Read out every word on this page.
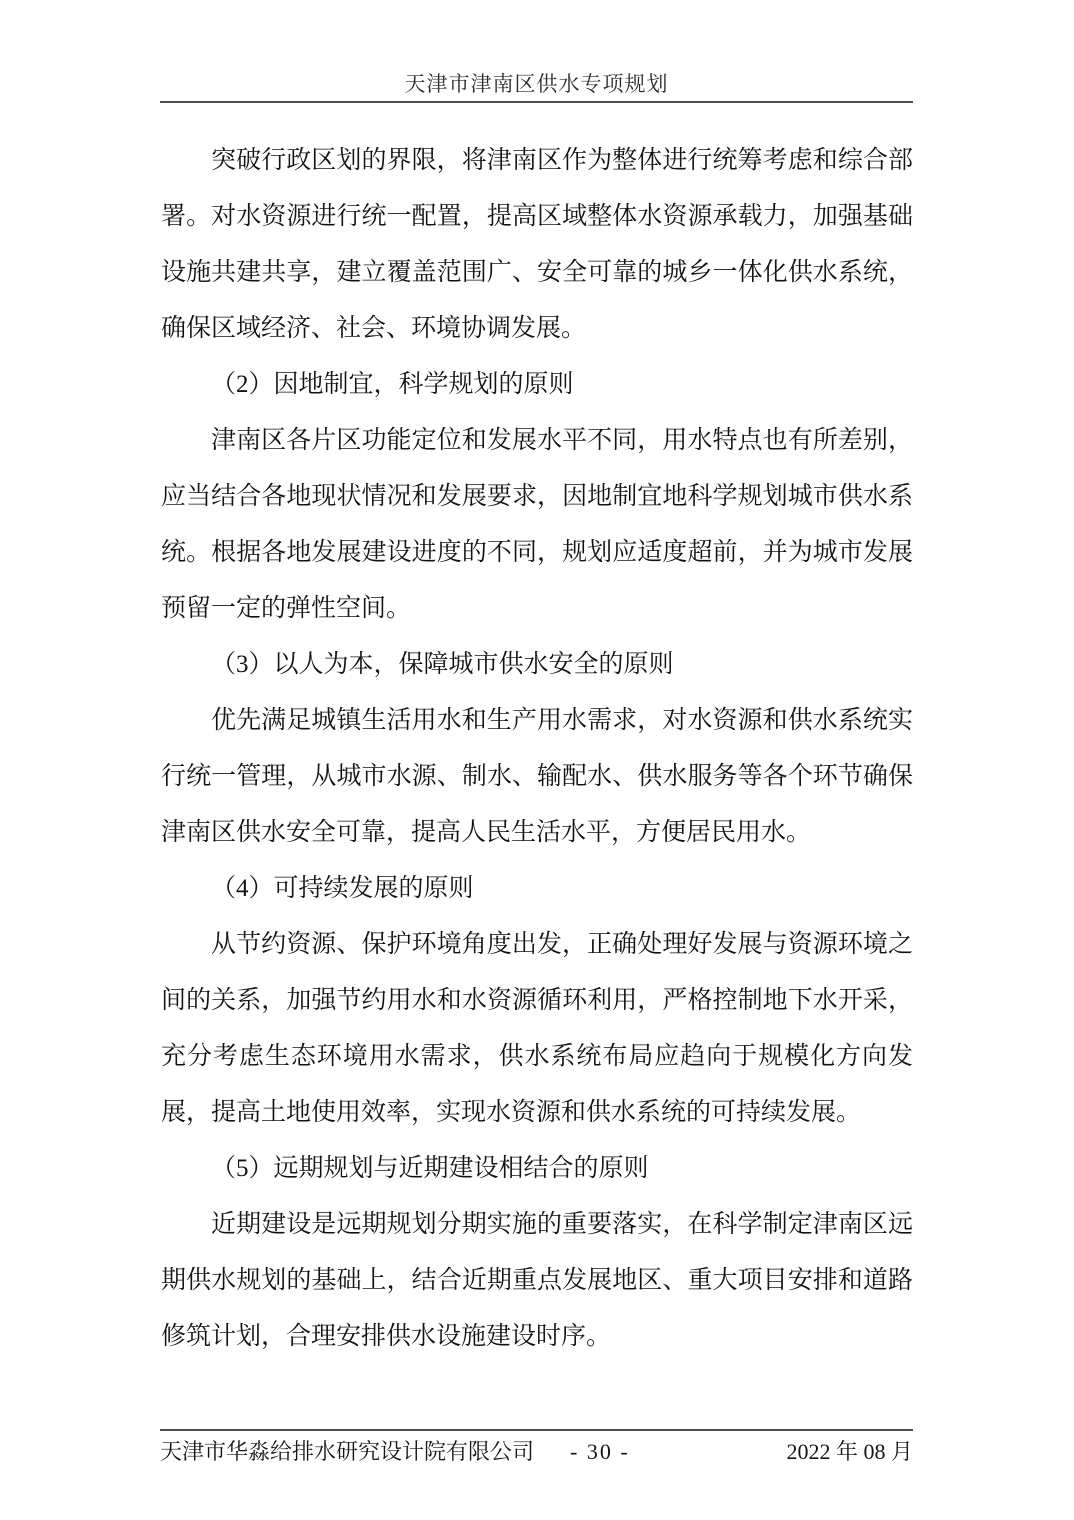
天津市津南区供水专项规划

突破行政区划的界限，将津南区作为整体进行统筹考虑和综合部署。对水资源进行统一配置，提高区域整体水资源承载力，加强基础设施共建共享，建立覆盖范围广、安全可靠的城乡一体化供水系统，确保区域经济、社会、环境协调发展。

（2）因地制宜，科学规划的原则

津南区各片区功能定位和发展水平不同，用水特点也有所差别，应当结合各地现状情况和发展要求，因地制宜地科学规划城市供水系统。根据各地发展建设进度的不同，规划应适度超前，并为城市发展预留一定的弹性空间。

（3）以人为本，保障城市供水安全的原则

优先满足城镇生活用水和生产用水需求，对水资源和供水系统实行统一管理，从城市水源、制水、输配水、供水服务等各个环节确保津南区供水安全可靠，提高人民生活水平，方便居民用水。

（4）可持续发展的原则

从节约资源、保护环境角度出发，正确处理好发展与资源环境之间的关系，加强节约用水和水资源循环利用，严格控制地下水开采，充分考虑生态环境用水需求，供水系统布局应趋向于规模化方向发展，提高土地使用效率，实现水资源和供水系统的可持续发展。

（5）远期规划与近期建设相结合的原则

近期建设是远期规划分期实施的重要落实，在科学制定津南区远期供水规划的基础上，结合近期重点发展地区、重大项目安排和道路修筑计划，合理安排供水设施建设时序。

天津市华淼给排水研究设计院有限公司 - 30 -	2022 年 08 月
